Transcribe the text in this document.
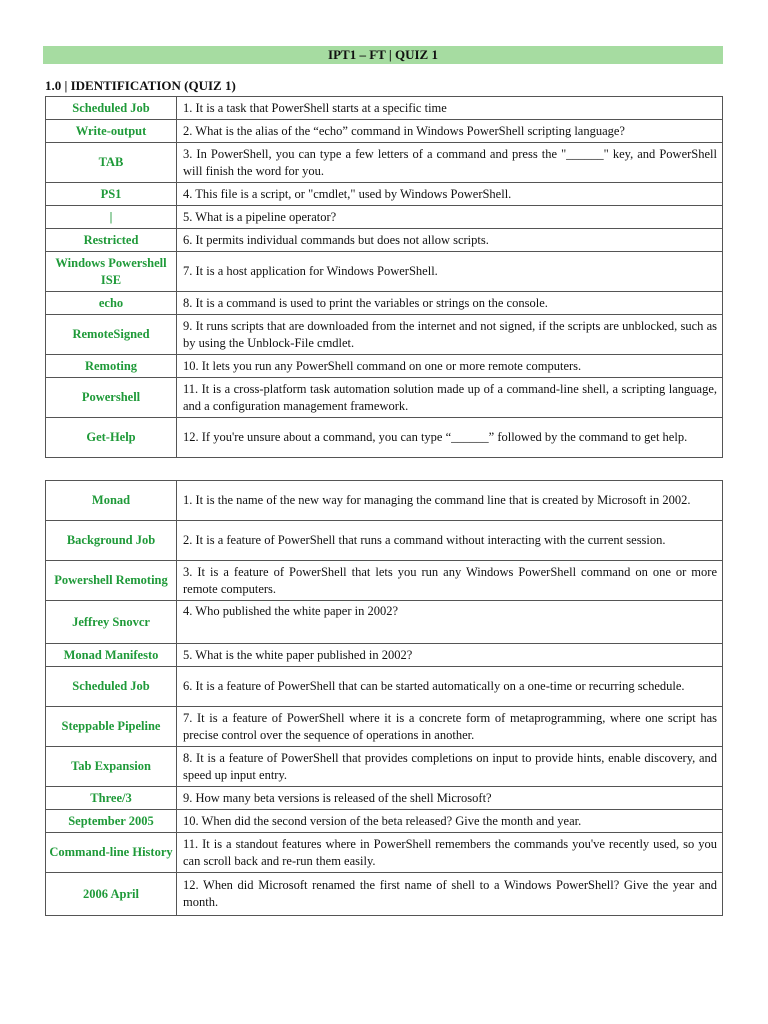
IPT1 – FT | QUIZ 1
1.0 | IDENTIFICATION (QUIZ 1)
Scheduled Job	1. It is a task that PowerShell starts at a specific time
Write-output	2. What is the alias of the “echo” command in Windows PowerShell scripting language?
TAB	3. In PowerShell, you can type a few letters of a command and press the "______" key, and PowerShell will finish the word for you.
PS1	4. This file is a script, or "cmdlet," used by Windows PowerShell.
|	5. What is a pipeline operator?
Restricted	6. It permits individual commands but does not allow scripts.
Windows Powershell ISE	7. It is a host application for Windows PowerShell.
echo	8. It is a command is used to print the variables or strings on the console.
RemoteSigned	9. It runs scripts that are downloaded from the internet and not signed, if the scripts are unblocked, such as by using the Unblock-File cmdlet.
Remoting	10. It lets you run any PowerShell command on one or more remote computers.
Powershell	11. It is a cross-platform task automation solution made up of a command-line shell, a scripting language, and a configuration management framework.
Get-Help	12. If you're unsure about a command, you can type “______” followed by the command to get help.
Monad	1. It is the name of the new way for managing the command line that is created by Microsoft in 2002.
Background Job	2. It is a feature of PowerShell that runs a command without interacting with the current session.
Powershell Remoting	3. It is a feature of PowerShell that lets you run any Windows PowerShell command on one or more remote computers.
Jeffrey Snovcr	4. Who published the white paper in 2002?
Monad Manifesto	5. What is the white paper published in 2002?
Scheduled Job	6. It is a feature of PowerShell that can be started automatically on a one-time or recurring schedule.
Steppable Pipeline	7. It is a feature of PowerShell where it is a concrete form of metaprogramming, where one script has precise control over the sequence of operations in another.
Tab Expansion	8. It is a feature of PowerShell that provides completions on input to provide hints, enable discovery, and speed up input entry.
Three/3	9. How many beta versions is released of the shell Microsoft?
September 2005	10. When did the second version of the beta released? Give the month and year.
Command-line History	11. It is a standout features where in PowerShell remembers the commands you've recently used, so you can scroll back and re-run them easily.
2006 April	12. When did Microsoft renamed the first name of shell to a Windows PowerShell? Give the year and month.
